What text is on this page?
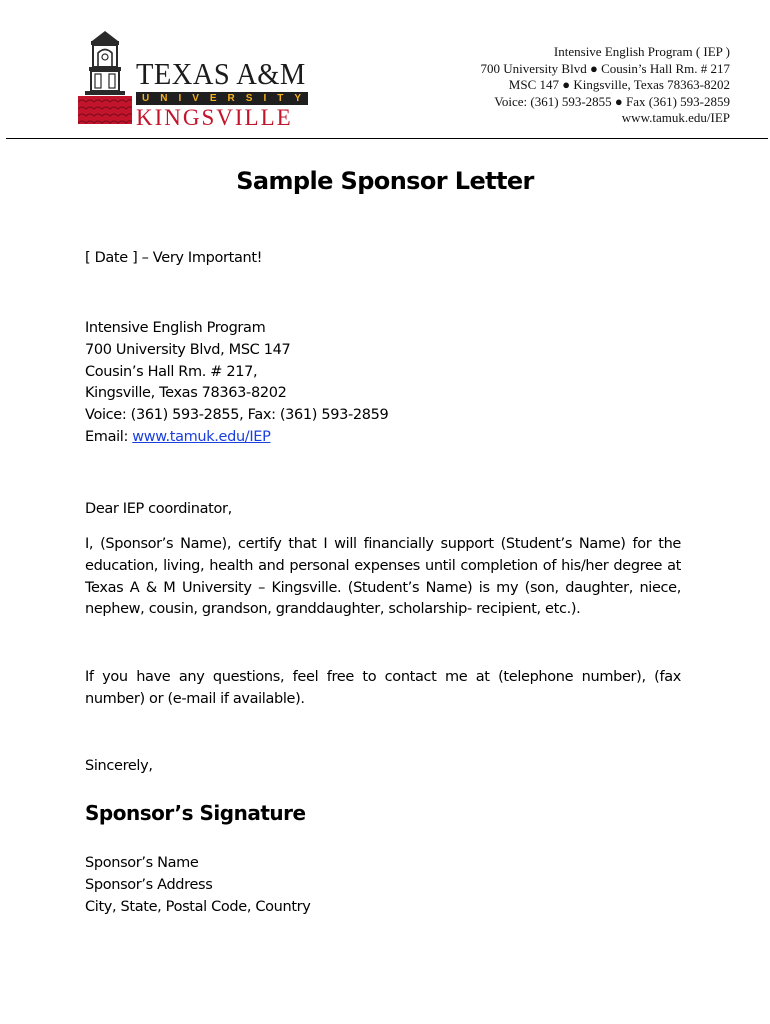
TEXAS A&M
UNIVERSITY
KINGSVILLE
Intensive English Program ( IEP )
700 University Blvd ● Cousin’s Hall Rm. # 217
MSC 147 ● Kingsville, Texas 78363-8202
Voice: (361) 593-2855 ● Fax (361) 593-2859
www.tamuk.edu/IEP
Sample Sponsor Letter

[ Date ] – Very Important!

Intensive English Program
700 University Blvd, MSC 147
Cousin’s Hall Rm. # 217,
Kingsville, Texas 78363-8202
Voice: (361) 593-2855, Fax: (361) 593-2859
Email: www.tamuk.edu/IEP

Dear IEP coordinator,

I, (Sponsor’s Name), certify that I will financially support (Student’s Name) for the education, living, health and personal expenses until completion of his/her degree at Texas A & M University – Kingsville. (Student’s Name) is my (son, daughter, niece, nephew, cousin, grandson, granddaughter, scholarship- recipient, etc.).

If you have any questions, feel free to contact me at (telephone number), (fax number) or (e-mail if available).

Sincerely,

Sponsor’s Signature
Sponsor’s Name
Sponsor’s Address
City, State, Postal Code, Country
